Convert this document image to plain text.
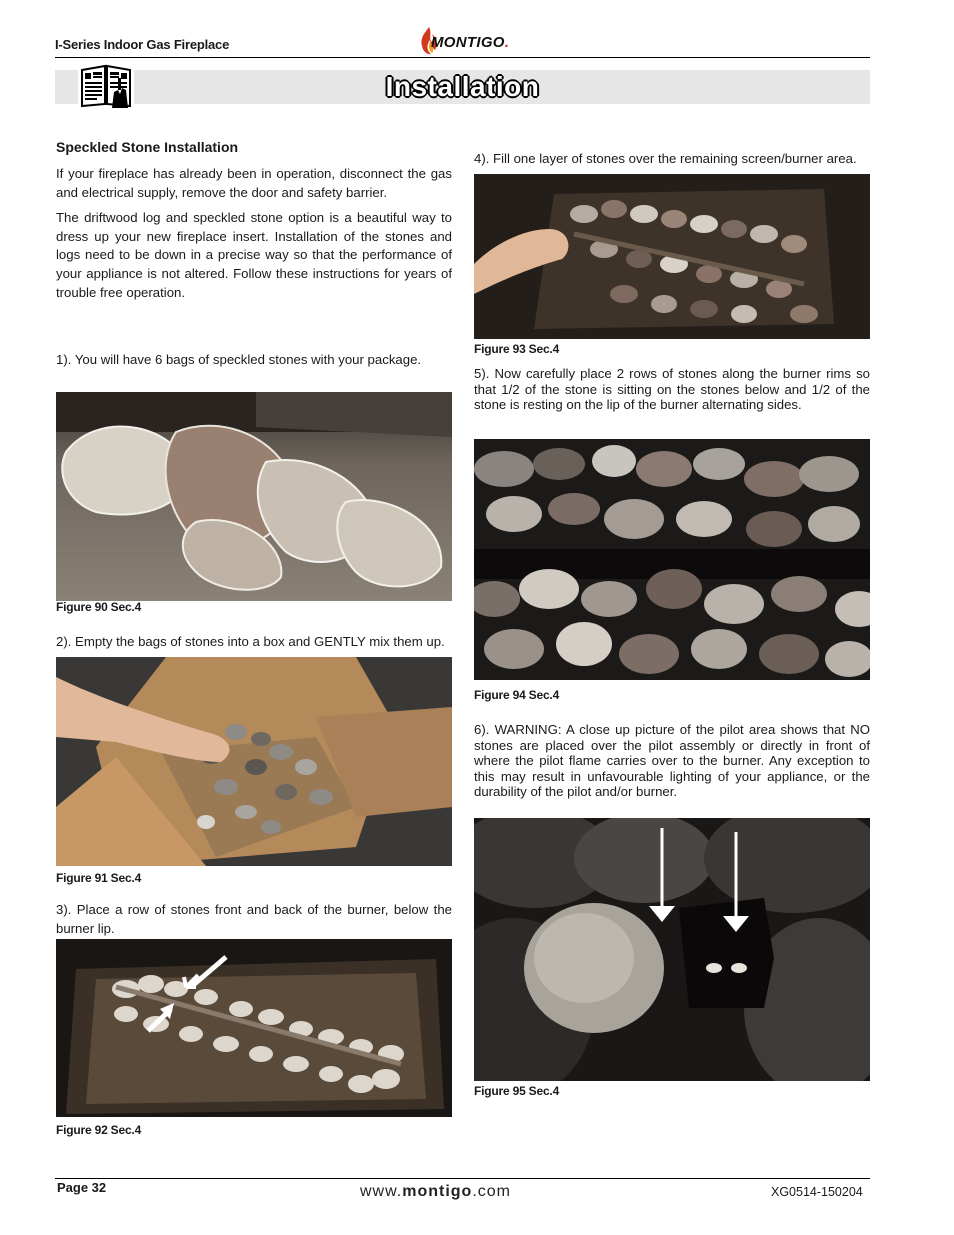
I-Series Indoor Gas Fireplace	MONTIGO.
Installation
Speckled Stone Installation
If your fireplace has already been in operation, disconnect the gas and electrical supply, remove the door and safety barrier.
The driftwood log and speckled stone option is a beautiful way to dress up your new fireplace insert. Installation of the stones and logs need to be down in a precise way so that the performance of your appliance is not altered. Follow these instructions for years of trouble free operation.
1). You will have 6 bags of speckled stones with your package.
Figure 90 Sec.4
2). Empty the bags of stones into a box and GENTLY mix them up.
Figure 91 Sec.4
3). Place a row of stones front and back of the burner, below the burner lip.
Figure 92 Sec.4
4). Fill one layer of stones over the remaining screen/burner area.
Figure 93 Sec.4
5). Now carefully place 2 rows of stones along the burner rims so that 1/2 of the stone is sitting on the stones below and 1/2 of the stone is resting on the lip of the burner alternating sides.
Figure 94 Sec.4
6). WARNING: A close up picture of the pilot area shows that NO stones are placed over the pilot assembly or directly in front of where the pilot flame carries over to the burner. Any exception to this may result in unfavourable lighting of your appliance, or the durability of the pilot and/or burner.
Figure 95 Sec.4
Page 32	www.montigo.com	XG0514-150204
